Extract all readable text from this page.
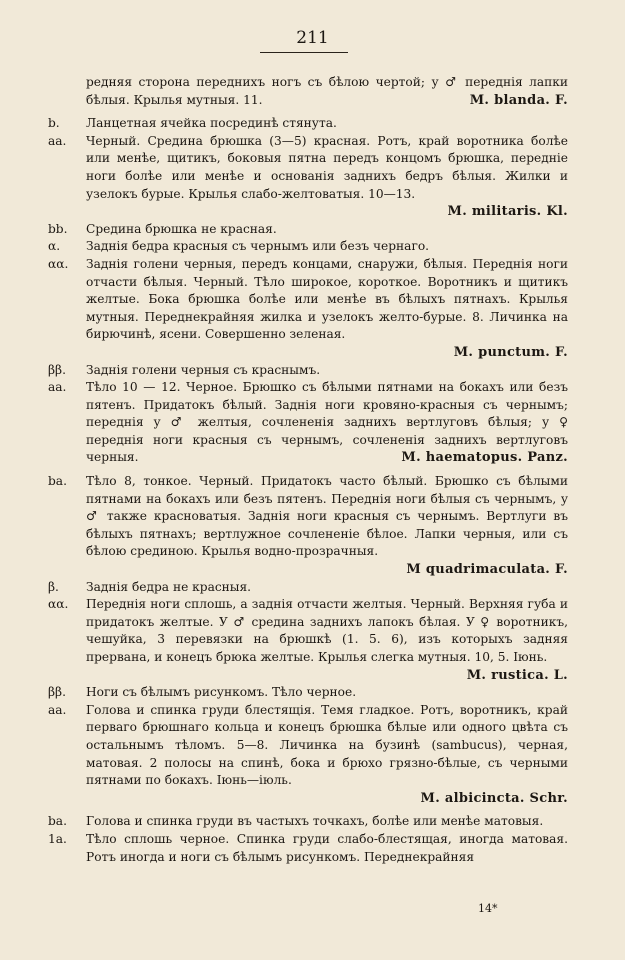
211
редняя сторона переднихъ ногъ съ бѣлою чертой; у ♂ переднія лапки бѣлыя. Крылья мутныя. 11.	M. blanda. F.
b.	Ланцетная ячейка посрединѣ стянута.
aa.	Черный. Средина брюшка (3—5) красная. Ротъ, край воротника болѣе или менѣе, щитикъ, боковыя пятна передъ концомъ брюшка, передніе ноги болѣе или менѣе и основанія заднихъ бедръ бѣлыя. Жилки и узелокъ бурые. Крылья слабо-желтоватыя. 10—13.
M. militaris. Kl.
bb.	Средина брюшка не красная.
α.	Заднія бедра красныя съ чернымъ или безъ чернаго.
αα.	Заднія голени черныя, передъ концами, снаружи, бѣлыя. Переднія ноги отчасти бѣлыя. Черный. Тѣло широкое, короткое. Воротникъ и щитикъ желтые. Бока брюшка болѣе или менѣе въ бѣлыхъ пятнахъ. Крылья мутныя. Переднекрайняя жилка и узелокъ желто-бурые. 8. Личинка на бирючинѣ, ясени. Совершенно зеленая.
M. punctum. F.
ββ.	Заднія голени черныя съ краснымъ.
aa.	Тѣло 10 — 12. Черное. Брюшко съ бѣлыми пятнами на бокахъ или безъ пятенъ. Придатокъ бѣлый. Заднія ноги кровяно-красныя съ чернымъ; переднія у ♂ желтыя, сочлененія заднихъ вертлуговъ бѣлыя; у ♀ переднія ноги красныя съ чернымъ, сочлененія заднихъ вертлуговъ черныя.	M. haematopus. Panz.
bа.	Тѣло 8, тонкое. Черный. Придатокъ часто бѣлый. Брюшко съ бѣлыми пятнами на бокахъ или безъ пятенъ. Переднія ноги бѣлыя съ чернымъ, у ♂ также красноватыя. Заднія ноги красныя съ чернымъ. Вертлуги въ бѣлыхъ пятнахъ; вертлужное сочлененіе бѣлое. Лапки черныя, или съ бѣлою срединою. Крылья водно-прозрачныя.
M quadrimaculata. F.
β.	Заднія бедра не красныя.
αα.	Переднія ноги сплошь, а заднія отчасти желтыя. Черный. Верхняя губа и придатокъ желтые. У ♂ средина заднихъ лапокъ бѣлая. У ♀ воротникъ, чешуйка, 3 перевязки на брюшкѣ (1. 5. 6), изъ которыхъ задняя прервана, и конецъ брюка желтые. Крылья слегка мутныя. 10, 5. Іюнь.
M. rustica. L.
ββ.	Ноги съ бѣлымъ рисункомъ. Тѣло черное.
aa.	Голова и спинка груди блестящія. Темя гладкое. Ротъ, воротникъ, край перваго брюшнаго кольца и конецъ брюшка бѣлые или одного цвѣта съ остальнымъ тѣломъ. 5—8. Личинка на бузинѣ (sambucus), черная, матовая. 2 полосы на спинѣ, бока и брюхо грязно-бѣлые, съ черными пятнами по бокахъ. Іюнь—іюль.
M. albicincta. Schr.
bа.	Голова и спинка груди въ частыхъ точкахъ, болѣе или менѣе матовыя.
1а.	Тѣло сплошь черное. Спинка груди слабо-блестящая, иногда матовая. Ротъ иногда и ноги съ бѣлымъ рисункомъ. Переднекрайняя
14*
